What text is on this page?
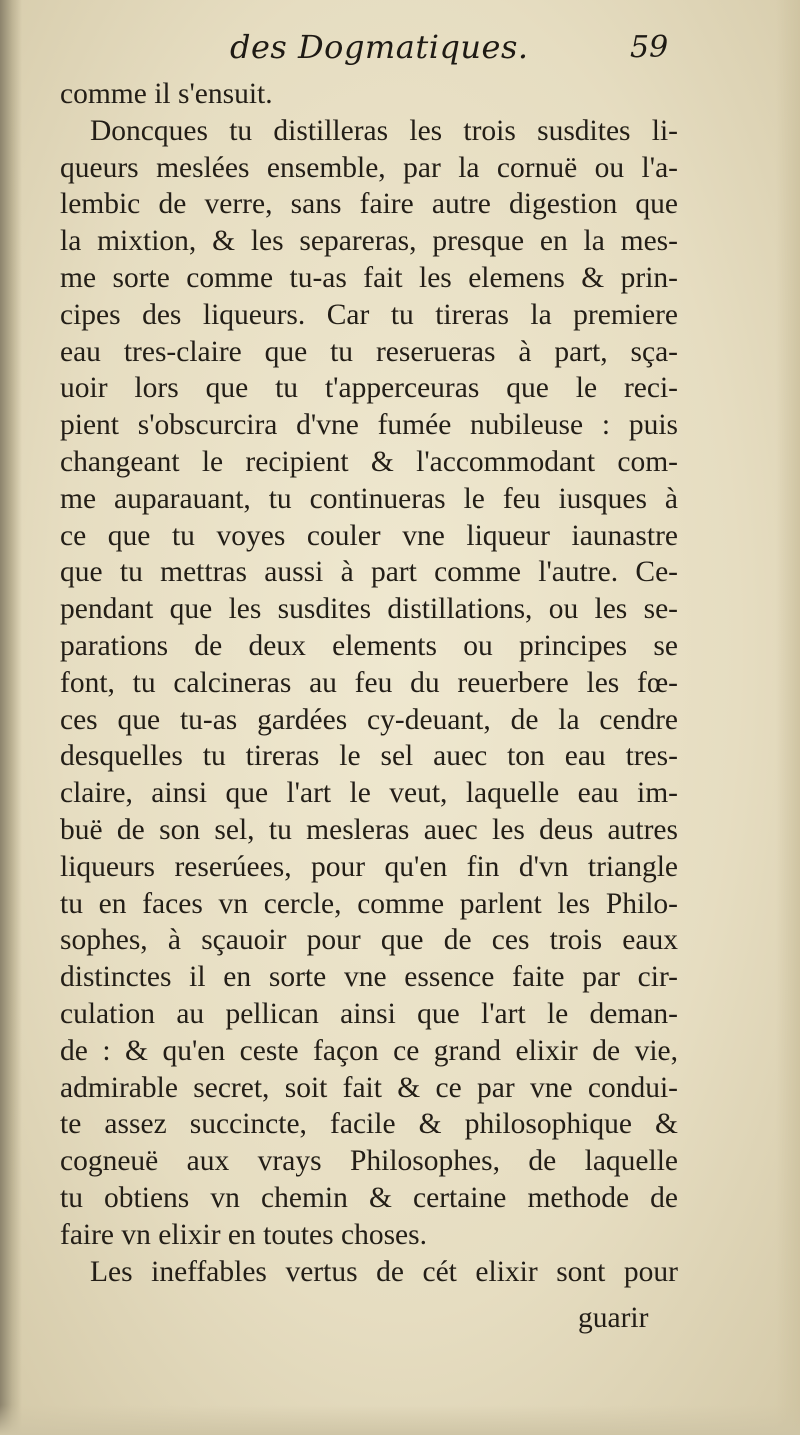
des Dogmatiques.	59
comme il s'ensuit.
Doncques tu distilleras les trois susdites li-
queurs meslées ensemble, par la cornuë ou l'a-
lembic de verre, sans faire autre digestion que
la mixtion, & les separeras, presque en la mes-
me sorte comme tu-as fait les elemens & prin-
cipes des liqueurs. Car tu tireras la premiere
eau tres-claire que tu reserueras à part, sça-
uoir lors que tu t'apperceuras que le reci-
pient s'obscurcira d'vne fumée nubileuse : puis
changeant le recipient & l'accommodant com-
me auparauant, tu continueras le feu iusques à
ce que tu voyes couler vne liqueur iaunastre
que tu mettras aussi à part comme l'autre. Ce-
pendant que les susdites distillations, ou les se-
parations de deux elements ou principes se
font, tu calcineras au feu du reuerbere les fœ-
ces que tu-as gardées cy-deuant, de la cendre
desquelles tu tireras le sel auec ton eau tres-
claire, ainsi que l'art le veut, laquelle eau im-
buë de son sel, tu mesleras auec les deus autres
liqueurs reserúees, pour qu'en fin d'vn triangle
tu en faces vn cercle, comme parlent les Philo-
sophes, à sçauoir pour que de ces trois eaux
distinctes il en sorte vne essence faite par cir-
culation au pellican ainsi que l'art le deman-
de : & qu'en ceste façon ce grand elixir de vie,
admirable secret, soit fait & ce par vne condui-
te assez succincte, facile & philosophique &
cogneuë aux vrays Philosophes, de laquelle
tu obtiens vn chemin & certaine methode de
faire vn elixir en toutes choses.
Les ineffables vertus de cét elixir sont pour
guarir
